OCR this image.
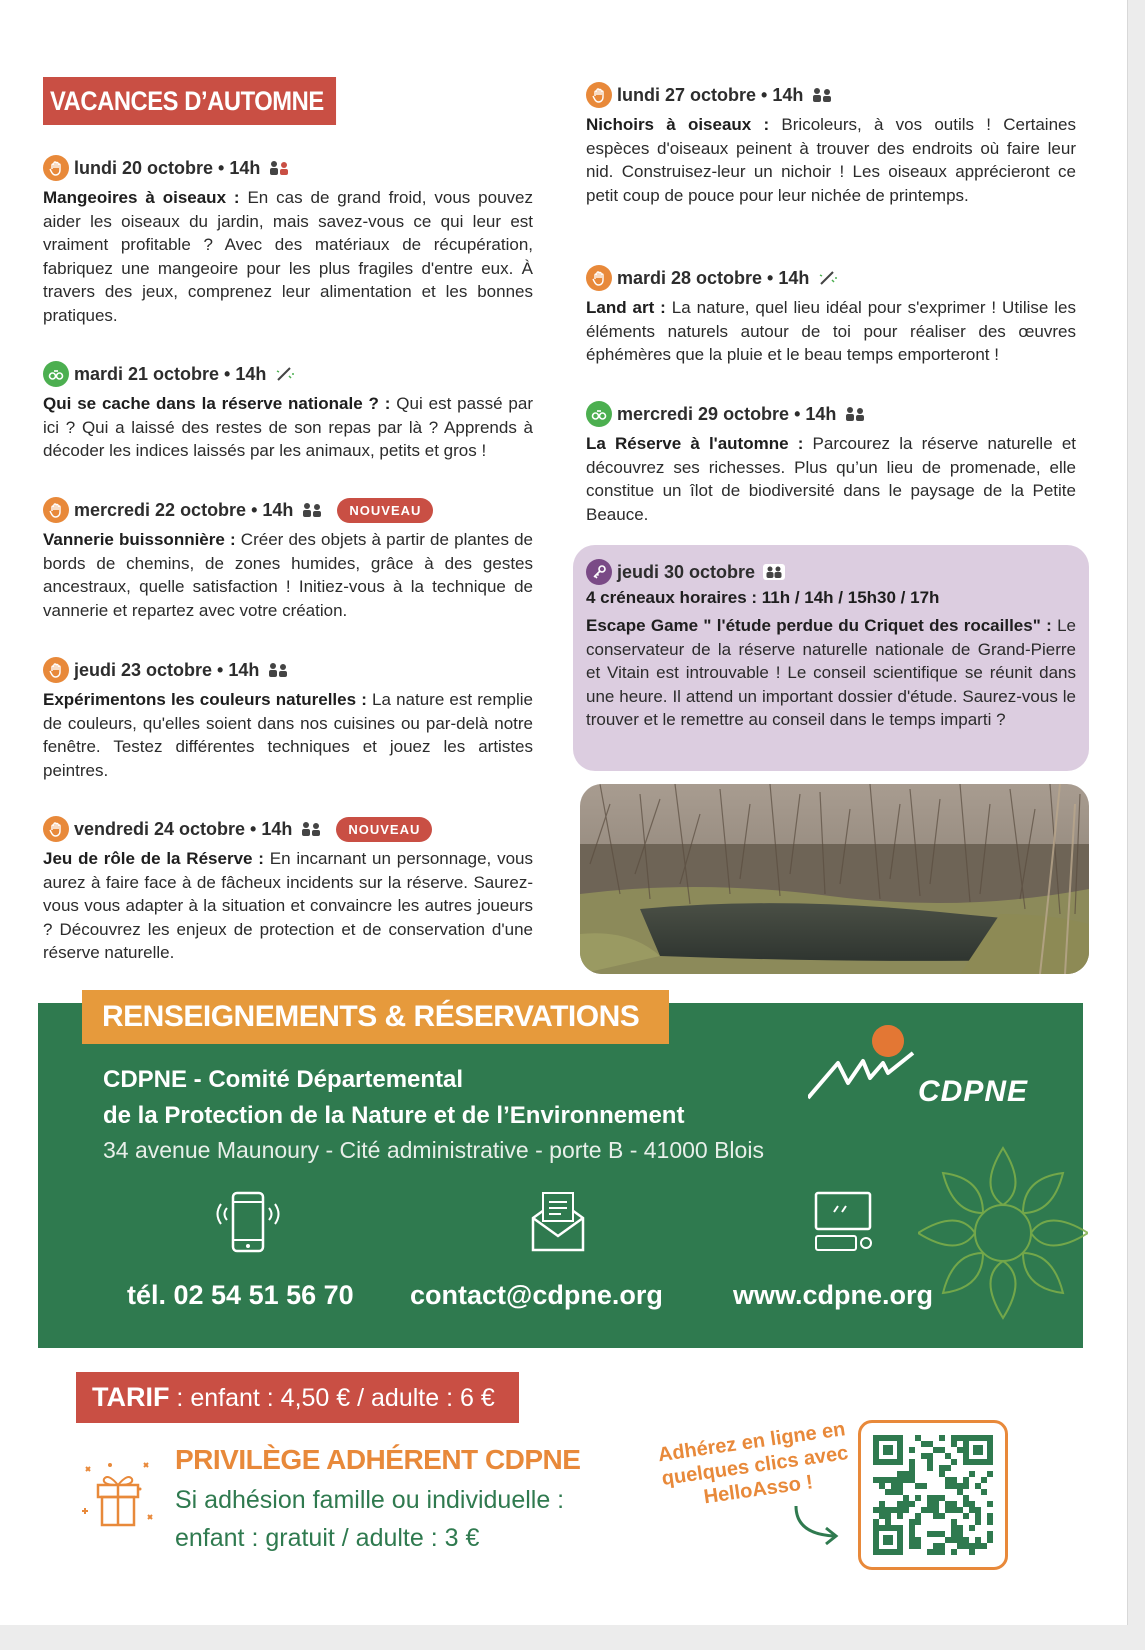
VACANCES D’AUTOMNE
lundi 20 octobre • 14h
Mangeoires à oiseaux : En cas de grand froid, vous pouvez aider les oiseaux du jardin, mais savez-vous ce qui leur est vraiment profitable ? Avec des matériaux de récupération, fabriquez une mangeoire pour les plus fragiles d'entre eux. À travers des jeux, comprenez leur alimentation et les bonnes pratiques.
mardi 21 octobre • 14h
Qui se cache dans la réserve nationale ? : Qui est passé par ici ? Qui a laissé des restes de son repas par là ? Apprends à décoder les indices laissés par les animaux, petits et gros !
mercredi 22 octobre • 14h	NOUVEAU
Vannerie buissonnière : Créer des objets à partir de plantes de bords de chemins, de zones humides, grâce à des gestes ancestraux, quelle satisfaction ! Initiez-vous à la technique de vannerie et repartez avec votre création.
jeudi 23 octobre • 14h
Expérimentons les couleurs naturelles : La nature est remplie de couleurs, qu'elles soient dans nos cuisines ou par-delà notre fenêtre. Testez différentes techniques et jouez les artistes peintres.
vendredi 24 octobre • 14h	NOUVEAU
Jeu de rôle de la Réserve : En incarnant un personnage, vous aurez à faire face à de fâcheux incidents sur la réserve. Saurez-vous vous adapter à la situation et convaincre les autres joueurs ? Découvrez les enjeux de protection et de conservation d'une réserve naturelle.
lundi 27 octobre • 14h
Nichoirs à oiseaux : Bricoleurs, à vos outils ! Certaines espèces d'oiseaux peinent à trouver des endroits où faire leur nid. Construisez-leur un nichoir ! Les oiseaux apprécieront ce petit coup de pouce pour leur nichée de printemps.
mardi 28 octobre • 14h
Land art : La nature, quel lieu idéal pour s'exprimer ! Utilise les éléments naturels autour de toi pour réaliser des œuvres éphémères que la pluie et le beau temps emporteront !
mercredi 29 octobre • 14h
La Réserve à l'automne : Parcourez la réserve naturelle et découvrez ses richesses. Plus qu’un lieu de promenade, elle constitue un îlot de biodiversité dans le paysage de la Petite Beauce.
jeudi 30 octobre
4 créneaux horaires : 11h / 14h / 15h30 / 17h
Escape Game " l'étude perdue du Criquet des rocailles" : Le conservateur de la réserve naturelle nationale de Grand-Pierre et Vitain est introuvable ! Le conseil scientifique se réunit dans une heure. Il attend un important dossier d'étude. Saurez-vous le trouver et le remettre au conseil dans le temps imparti ?
CDPNE
RENSEIGNEMENTS & RÉSERVATIONS
CDPNE - Comité Départemental
de la Protection de la Nature et de l’Environnement
34 avenue Maunoury - Cité administrative - porte B - 41000 Blois
tél. 02 54 51 56 70 contact@cdpne.org	www.cdpne.org
TARIF : enfant : 4,50 € / adulte : 6 €
PRIVILÈGE ADHÉRENT CDPNE
Si adhésion famille ou individuelle :
enfant : gratuit / adulte : 3 €
Adhérez en ligne en quelques clics avec HelloAsso !
